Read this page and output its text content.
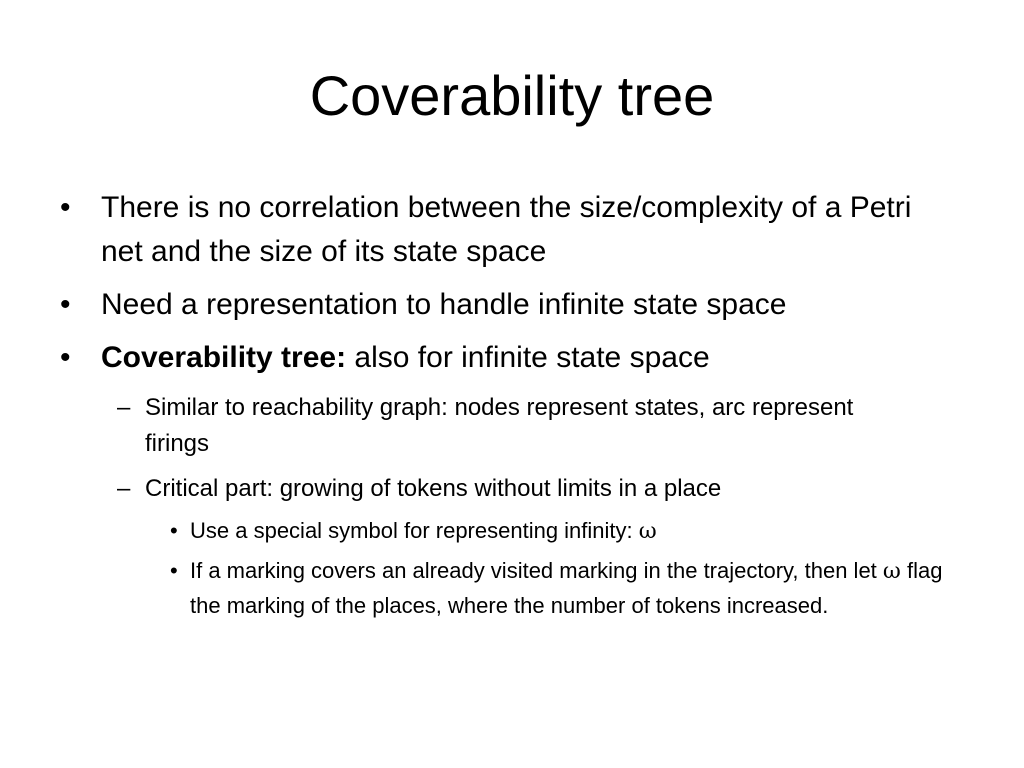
Coverability tree
• There is no correlation between the size/complexity of a Petri net and the size of its state space
• Need a representation to handle infinite state space
• Coverability tree: also for infinite state space
– Similar to reachability graph: nodes represent states, arc represent firings
– Critical part: growing of tokens without limits in a place
• Use a special symbol for representing infinity: ω
• If a marking covers an already visited marking in the trajectory, then let ω flag the marking of the places, where the number of tokens increased.
